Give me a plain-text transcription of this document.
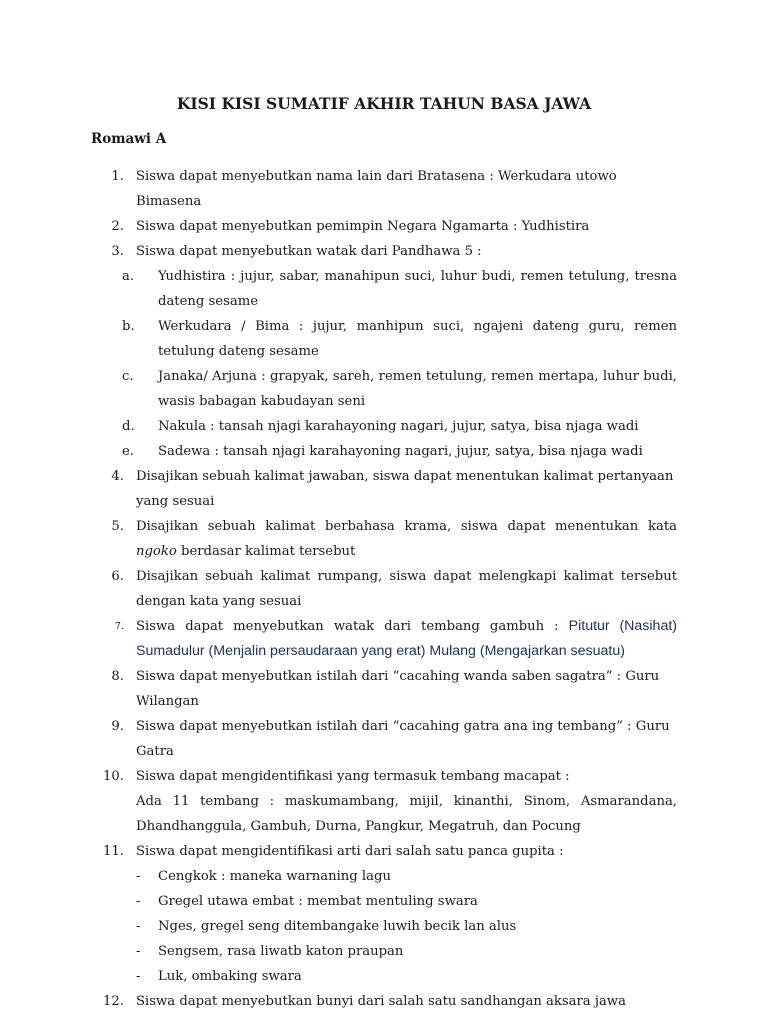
KISI KISI SUMATIF AKHIR TAHUN BASA JAWA
Romawi A
1. Siswa dapat menyebutkan nama lain dari Bratasena : Werkudara utowo Bimasena
2. Siswa dapat menyebutkan pemimpin Negara Ngamarta : Yudhistira
3. Siswa dapat menyebutkan watak dari Pandhawa 5 :
a.	Yudhistira : jujur, sabar, manahipun suci, luhur budi, remen tetulung, tresna dateng sesame
b.	Werkudara / Bima : jujur, manhipun suci, ngajeni dateng guru, remen tetulung dateng sesame
c.	Janaka/ Arjuna : grapyak, sareh, remen tetulung, remen mertapa, luhur budi, wasis babagan kabudayan seni
d.	Nakula : tansah njagi karahayoning nagari, jujur, satya, bisa njaga wadi
e.	Sadewa : tansah njagi karahayoning nagari, jujur, satya, bisa njaga wadi
4. Disajikan sebuah kalimat jawaban, siswa dapat menentukan kalimat pertanyaan yang sesuai
5. Disajikan sebuah kalimat berbahasa krama, siswa dapat menentukan kata ngoko berdasar kalimat tersebut
6. Disajikan sebuah kalimat rumpang, siswa dapat melengkapi kalimat tersebut dengan kata yang sesuai
7. Siswa dapat menyebutkan watak dari tembang gambuh : Pitutur (Nasihat) Sumadulur (Menjalin persaudaraan yang erat) Mulang (Mengajarkan sesuatu)
8. Siswa dapat menyebutkan istilah dari “cacahing wanda saben sagatra” : Guru Wilangan
9. Siswa dapat menyebutkan istilah dari “cacahing gatra ana ing tembang” : Guru Gatra
10. Siswa dapat mengidentifikasi yang termasuk tembang macapat :
Ada 11 tembang : maskumambang, mijil, kinanthi, Sinom, Asmarandana, Dhandhanggula, Gambuh, Durna, Pangkur, Megatruh, dan Pocung
11. Siswa dapat mengidentifikasi arti dari salah satu panca gupita :
-	Cengkok : maneka warnaning lagu
-	Gregel utawa embat : membat mentuling swara
-	Nges, gregel seng ditembangake luwih becik lan alus
-	Sengsem, rasa liwatb katon praupan
-	Luk, ombaking swara
12. Siswa dapat menyebutkan bunyi dari salah satu sandhangan aksara jawa
